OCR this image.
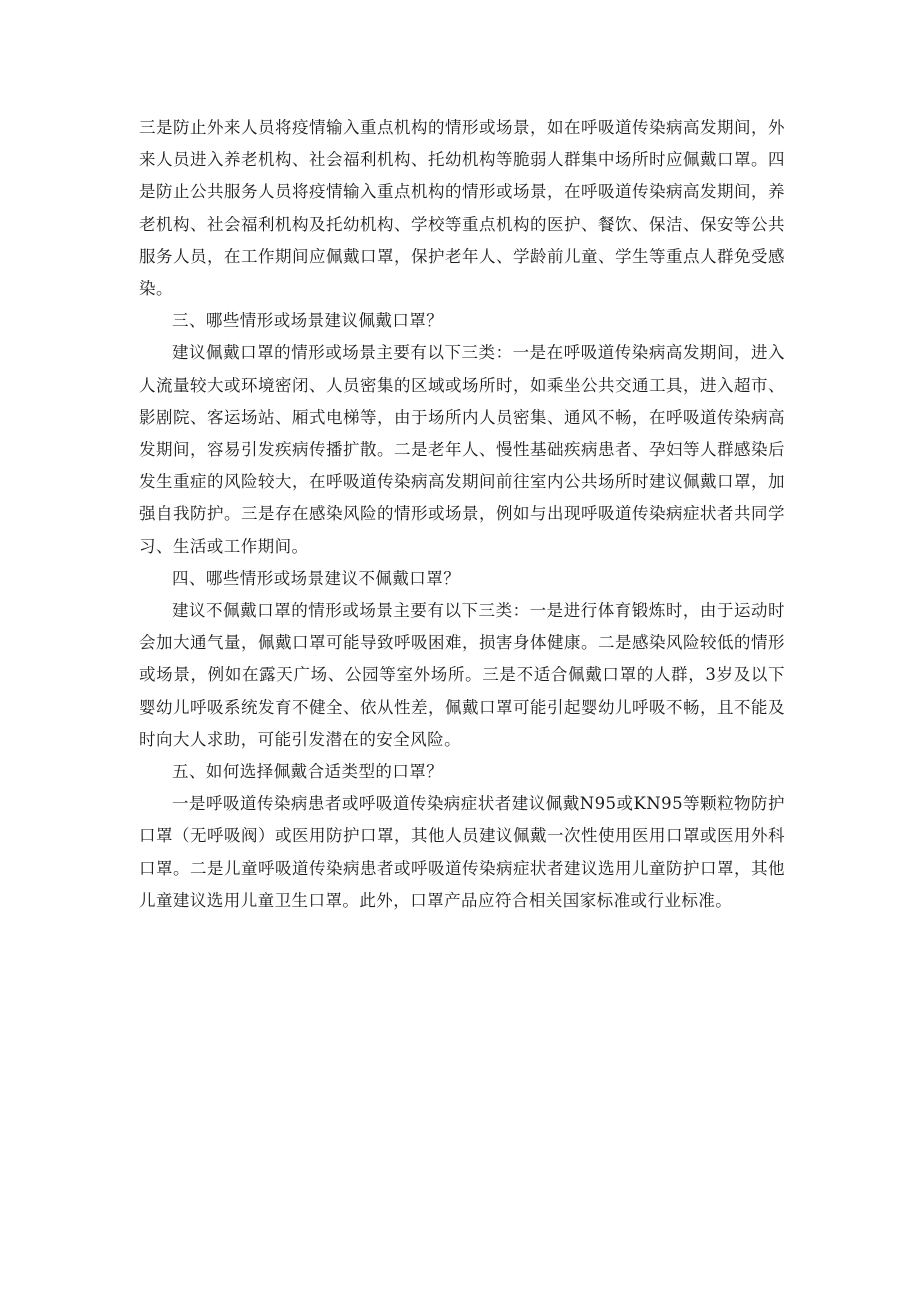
三是防止外来人员将疫情输入重点机构的情形或场景，如在呼吸道传染病高发期间，外来人员进入养老机构、社会福利机构、托幼机构等脆弱人群集中场所时应佩戴口罩。四是防止公共服务人员将疫情输入重点机构的情形或场景，在呼吸道传染病高发期间，养老机构、社会福利机构及托幼机构、学校等重点机构的医护、餐饮、保洁、保安等公共服务人员，在工作期间应佩戴口罩，保护老年人、学龄前儿童、学生等重点人群免受感染。

三、哪些情形或场景建议佩戴口罩？

建议佩戴口罩的情形或场景主要有以下三类：一是在呼吸道传染病高发期间，进入人流量较大或环境密闭、人员密集的区域或场所时，如乘坐公共交通工具，进入超市、影剧院、客运场站、厢式电梯等，由于场所内人员密集、通风不畅，在呼吸道传染病高发期间，容易引发疾病传播扩散。二是老年人、慢性基础疾病患者、孕妇等人群感染后发生重症的风险较大，在呼吸道传染病高发期间前往室内公共场所时建议佩戴口罩，加强自我防护。三是存在感染风险的情形或场景，例如与出现呼吸道传染病症状者共同学习、生活或工作期间。

四、哪些情形或场景建议不佩戴口罩？

建议不佩戴口罩的情形或场景主要有以下三类：一是进行体育锻炼时，由于运动时会加大通气量，佩戴口罩可能导致呼吸困难，损害身体健康。二是感染风险较低的情形或场景，例如在露天广场、公园等室外场所。三是不适合佩戴口罩的人群，3岁及以下婴幼儿呼吸系统发育不健全、依从性差，佩戴口罩可能引起婴幼儿呼吸不畅，且不能及时向大人求助，可能引发潜在的安全风险。

五、如何选择佩戴合适类型的口罩？

一是呼吸道传染病患者或呼吸道传染病症状者建议佩戴N95或KN95等颗粒物防护口罩（无呼吸阀）或医用防护口罩，其他人员建议佩戴一次性使用医用口罩或医用外科口罩。二是儿童呼吸道传染病患者或呼吸道传染病症状者建议选用儿童防护口罩，其他儿童建议选用儿童卫生口罩。此外，口罩产品应符合相关国家标准或行业标准。
